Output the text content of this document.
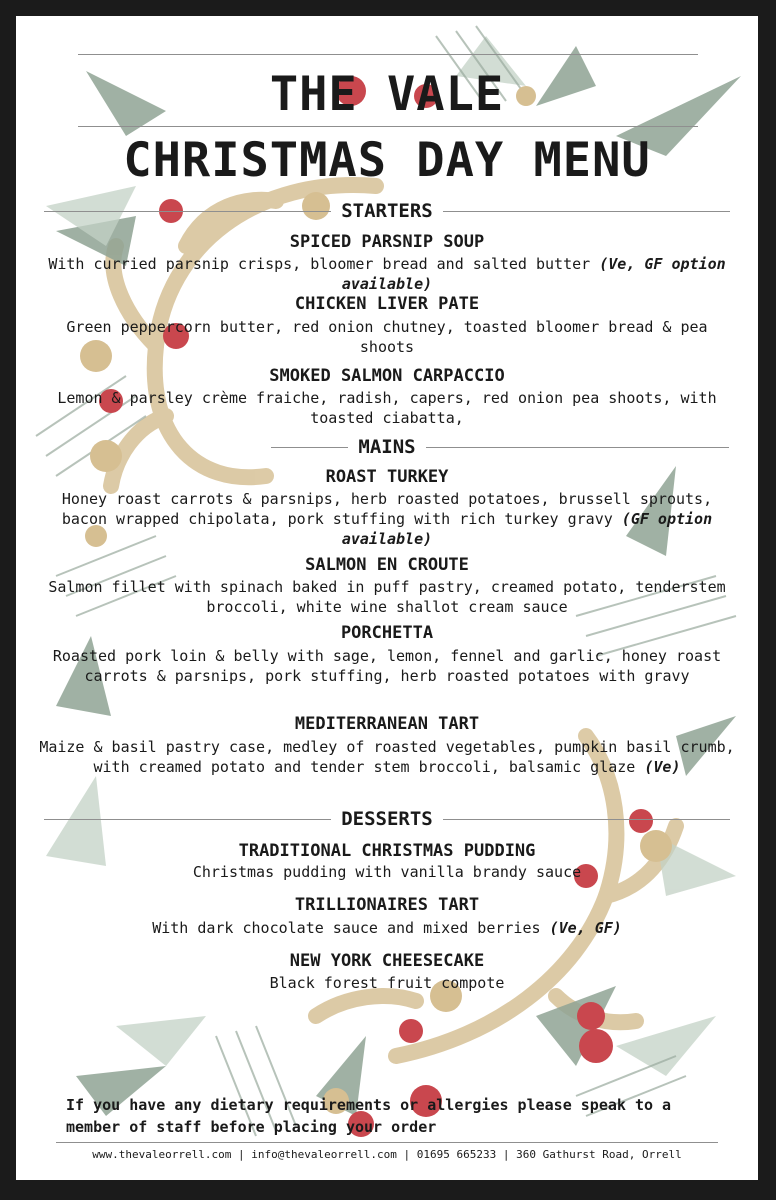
THE VALE
CHRISTMAS DAY MENU
STARTERS
SPICED PARSNIP SOUP
With curried parsnip crisps, bloomer bread and salted butter (Ve, GF option available)
CHICKEN LIVER PATE
Green peppercorn butter, red onion chutney, toasted bloomer bread & pea shoots
SMOKED SALMON CARPACCIO
Lemon & parsley crème fraiche, radish, capers, red onion pea shoots, with toasted ciabatta,
MAINS
ROAST TURKEY
Honey roast carrots & parsnips, herb roasted potatoes, brussell sprouts, bacon wrapped chipolata, pork stuffing with rich turkey gravy (GF option available)
SALMON EN CROUTE
Salmon fillet with spinach baked in puff pastry, creamed potato, tenderstem broccoli, white wine shallot cream sauce
PORCHETTA
Roasted pork loin & belly with sage, lemon, fennel and garlic, honey roast carrots & parsnips, pork stuffing, herb roasted potatoes with gravy
MEDITERRANEAN TART
Maize & basil pastry case, medley of roasted vegetables, pumpkin basil crumb, with creamed potato and tender stem broccoli, balsamic glaze (Ve)
DESSERTS
TRADITIONAL CHRISTMAS PUDDING
Christmas pudding with vanilla brandy sauce
TRILLIONAIRES TART
With dark chocolate sauce and mixed berries (Ve, GF)
NEW YORK CHEESECAKE
Black forest fruit compote
If you have any dietary requirements or allergies please speak to a member of staff before placing your order
www.thevaleorrell.com | info@thevaleorrell.com | 01695 665233 | 360 Gathurst Road, Orrell
